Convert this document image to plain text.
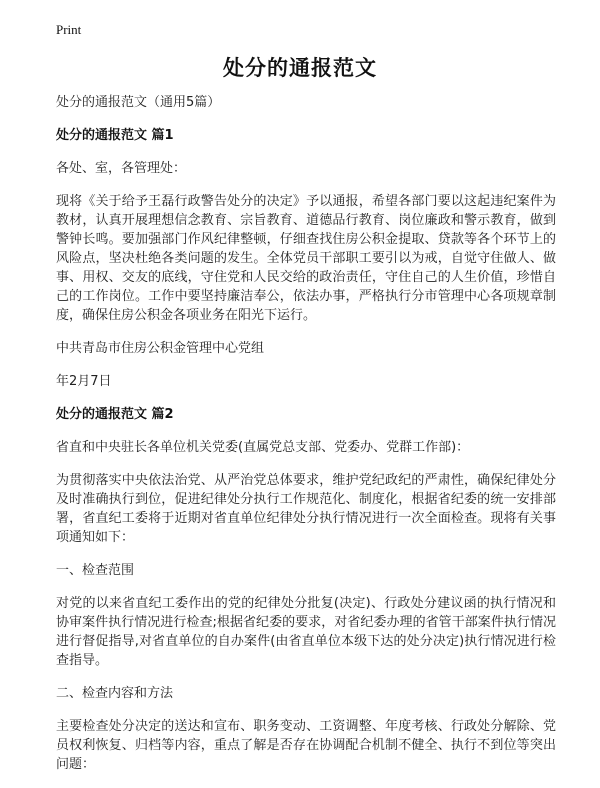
Print
处分的通报范文

处分的通报范文（通用5篇）

处分的通报范文 篇1

各处、室，各管理处：

现将《关于给予王磊行政警告处分的决定》予以通报，希望各部门要以这起违纪案件为教材，认真开展理想信念教育、宗旨教育、道德品行教育、岗位廉政和警示教育，做到警钟长鸣。要加强部门作风纪律整顿，仔细查找住房公积金提取、贷款等各个环节上的风险点，坚决杜绝各类问题的发生。全体党员干部职工要引以为戒，自觉守住做人、做事、用权、交友的底线，守住党和人民交给的政治责任，守住自己的人生价值，珍惜自己的工作岗位。工作中要坚持廉洁奉公，依法办事，严格执行分市管理中心各项规章制度，确保住房公积金各项业务在阳光下运行。

中共青岛市住房公积金管理中心党组

年2月7日

处分的通报范文 篇2

省直和中央驻长各单位机关党委(直属党总支部、党委办、党群工作部)：

为贯彻落实中央依法治党、从严治党总体要求，维护党纪政纪的严肃性，确保纪律处分及时准确执行到位，促进纪律处分执行工作规范化、制度化，根据省纪委的统一安排部署，省直纪工委将于近期对省直单位纪律处分执行情况进行一次全面检查。现将有关事项通知如下：

一、检查范围

对党的以来省直纪工委作出的党的纪律处分批复(决定)、行政处分建议函的执行情况和协审案件执行情况进行检查;根据省纪委的要求，对省纪委办理的省管干部案件执行情况进行督促指导,对省直单位的自办案件(由省直单位本级下达的处分决定)执行情况进行检查指导。

二、检查内容和方法

主要检查处分决定的送达和宣布、职务变动、工资调整、年度考核、行政处分解除、党员权利恢复、归档等内容，重点了解是否存在协调配合机制不健全、执行不到位等突出问题：
